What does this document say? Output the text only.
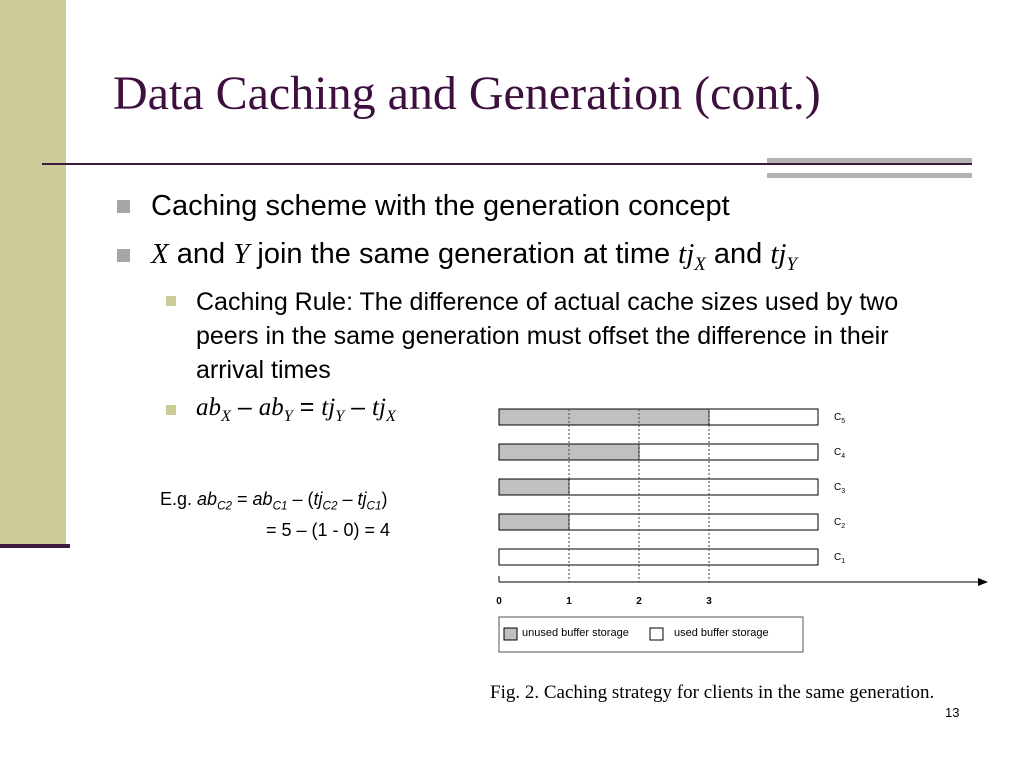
Data Caching and Generation (cont.)
Caching scheme with the generation concept
X and Y join the same generation at time $tj_X$ and $tj_Y$
Caching Rule: The difference of actual cache sizes used by two peers in the same generation must offset the difference in their arrival times
$ab_X - ab_Y = tj_Y - tj_X$
E.g. $ab_{C2} = ab_{C1} - (tj_{C2} - tj_{C1})$
= 5 – (1 - 0) = 4
$C_5$
$C_4$
$C_3$
$C_2$
$C_1$
0	1	2	3
unused buffer storage	used buffer storage
Fig. 2. Caching strategy for clients in the same generation.
13
